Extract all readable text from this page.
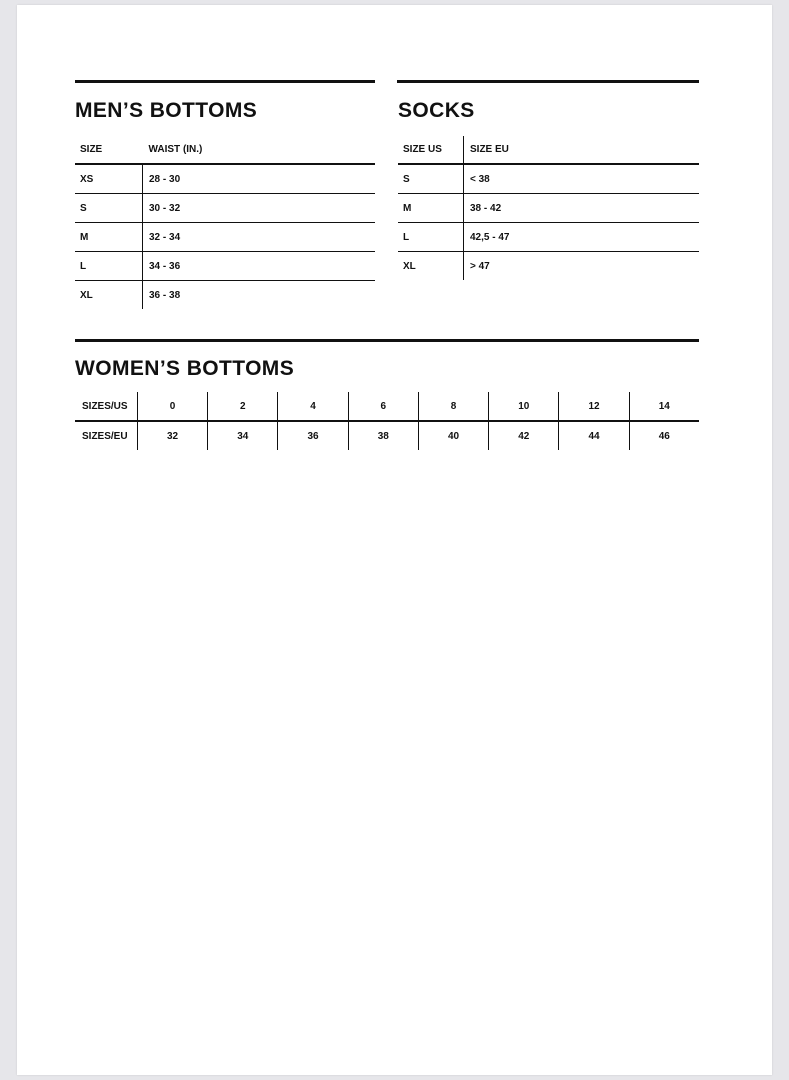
MEN’S BOTTOMS
SIZE	WAIST (IN.)
XS	28 - 30
S	30 - 32
M	32 - 34
L	34 - 36
XL	36 - 38
SOCKS
SIZE US	SIZE EU
S	< 38
M	38 - 42
L	42,5 - 47
XL	> 47
WOMEN’S BOTTOMS
SIZES/US	0	2	4	6	8	10	12	14
SIZES/EU	32	34	36	38	40	42	44	46
